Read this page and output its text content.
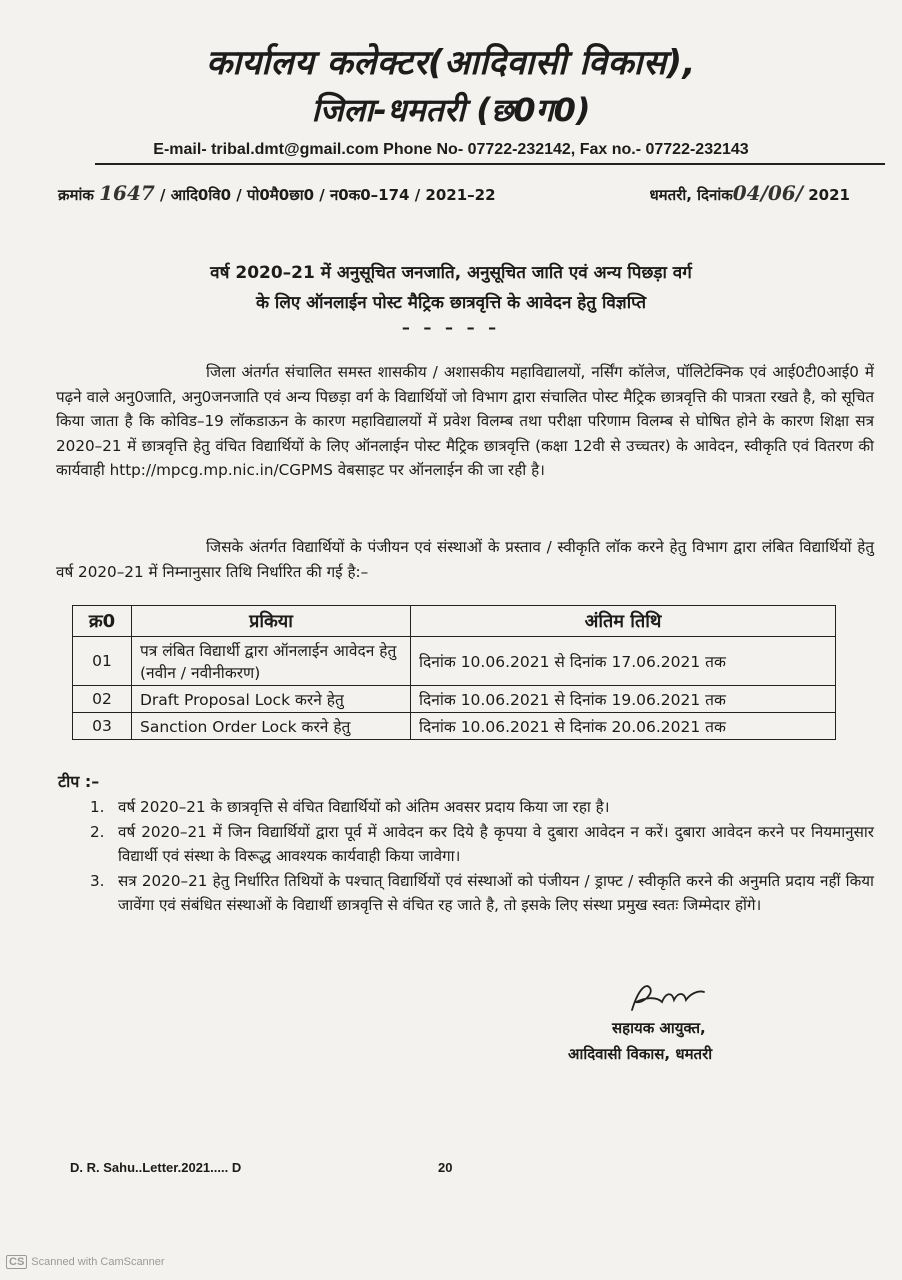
कार्यालय कलेक्टर(आदिवासी विकास),
जिला-धमतरी (छ0ग0)
E-mail- tribal.dmt@gmail.com Phone No- 07722-232142, Fax no.- 07722-232143
क्रमांक 1647 / आदि0वि0 / पो0मै0छा0 / न0क0–174 / 2021–22	धमतरी, दिनांक04/06/ 2021
वर्ष 2020–21 में अनुसूचित जनजाति, अनुसूचित जाति एवं अन्य पिछड़ा वर्ग
के लिए ऑनलाईन पोस्ट मैट्रिक छात्रवृत्ति के आवेदन हेतु विज्ञप्ति
– – – – –
जिला अंतर्गत संचालित समस्त शासकीय / अशासकीय महाविद्यालयों, नर्सिंग कॉलेज, पॉलिटेक्निक एवं आई0टी0आई0 में पढ़ने वाले अनु0जाति, अनु0जनजाति एवं अन्य पिछड़ा वर्ग के विद्यार्थियों जो विभाग द्वारा संचालित पोस्ट मैट्रिक छात्रवृत्ति की पात्रता रखते है, को सूचित किया जाता है कि कोविड–19 लॉकडाऊन के कारण महाविद्यालयों में प्रवेश विलम्ब तथा परीक्षा परिणाम विलम्ब से घोषित होने के कारण शिक्षा सत्र 2020–21 में छात्रवृत्ति हेतु वंचित विद्यार्थियों के लिए ऑनलाईन पोस्ट मैट्रिक छात्रवृत्ति (कक्षा 12वी से उच्चतर) के आवेदन, स्वीकृति एवं वितरण की कार्यवाही http://mpcg.mp.nic.in/CGPMS वेबसाइट पर ऑनलाईन की जा रही है।
जिसके अंतर्गत विद्यार्थियों के पंजीयन एवं संस्थाओं के प्रस्ताव / स्वीकृति लॉक करने हेतु विभाग द्वारा लंबित विद्यार्थियों हेतु वर्ष 2020–21 में निम्नानुसार तिथि निर्धारित की गई है:–
क्र0	प्रकिया	अंतिम तिथि
01	पत्र लंबित विद्यार्थी द्वारा ऑनलाईन आवेदन हेतु (नवीन / नवीनीकरण)	दिनांक 10.06.2021 से दिनांक 17.06.2021 तक
02	Draft Proposal Lock करने हेतु	दिनांक 10.06.2021 से दिनांक 19.06.2021 तक
03	Sanction Order Lock करने हेतु	दिनांक 10.06.2021 से दिनांक 20.06.2021 तक
टीप :–
1. वर्ष 2020–21 के छात्रवृत्ति से वंचित विद्यार्थियों को अंतिम अवसर प्रदाय किया जा रहा है।
2. वर्ष 2020–21 में जिन विद्यार्थियों द्वारा पूर्व में आवेदन कर दिये है कृपया वे दुबारा आवेदन न करें। दुबारा आवेदन करने पर नियमानुसार विद्यार्थी एवं संस्था के विरूद्ध आवश्यक कार्यवाही किया जावेगा।
3. सत्र 2020–21 हेतु निर्धारित तिथियों के पश्चात् विद्यार्थियों एवं संस्थाओं को पंजीयन / ड्राफ्ट / स्वीकृति करने की अनुमति प्रदाय नहीं किया जावेंगा एवं संबंधित संस्थाओं के विद्यार्थी छात्रवृत्ति से वंचित रह जाते है, तो इसके लिए संस्था प्रमुख स्वतः जिम्मेदार होंगे।
सहायक आयुक्त,
आदिवासी विकास, धमतरी
D. R. Sahu..Letter.2021..... D	20
CS Scanned with CamScanner
